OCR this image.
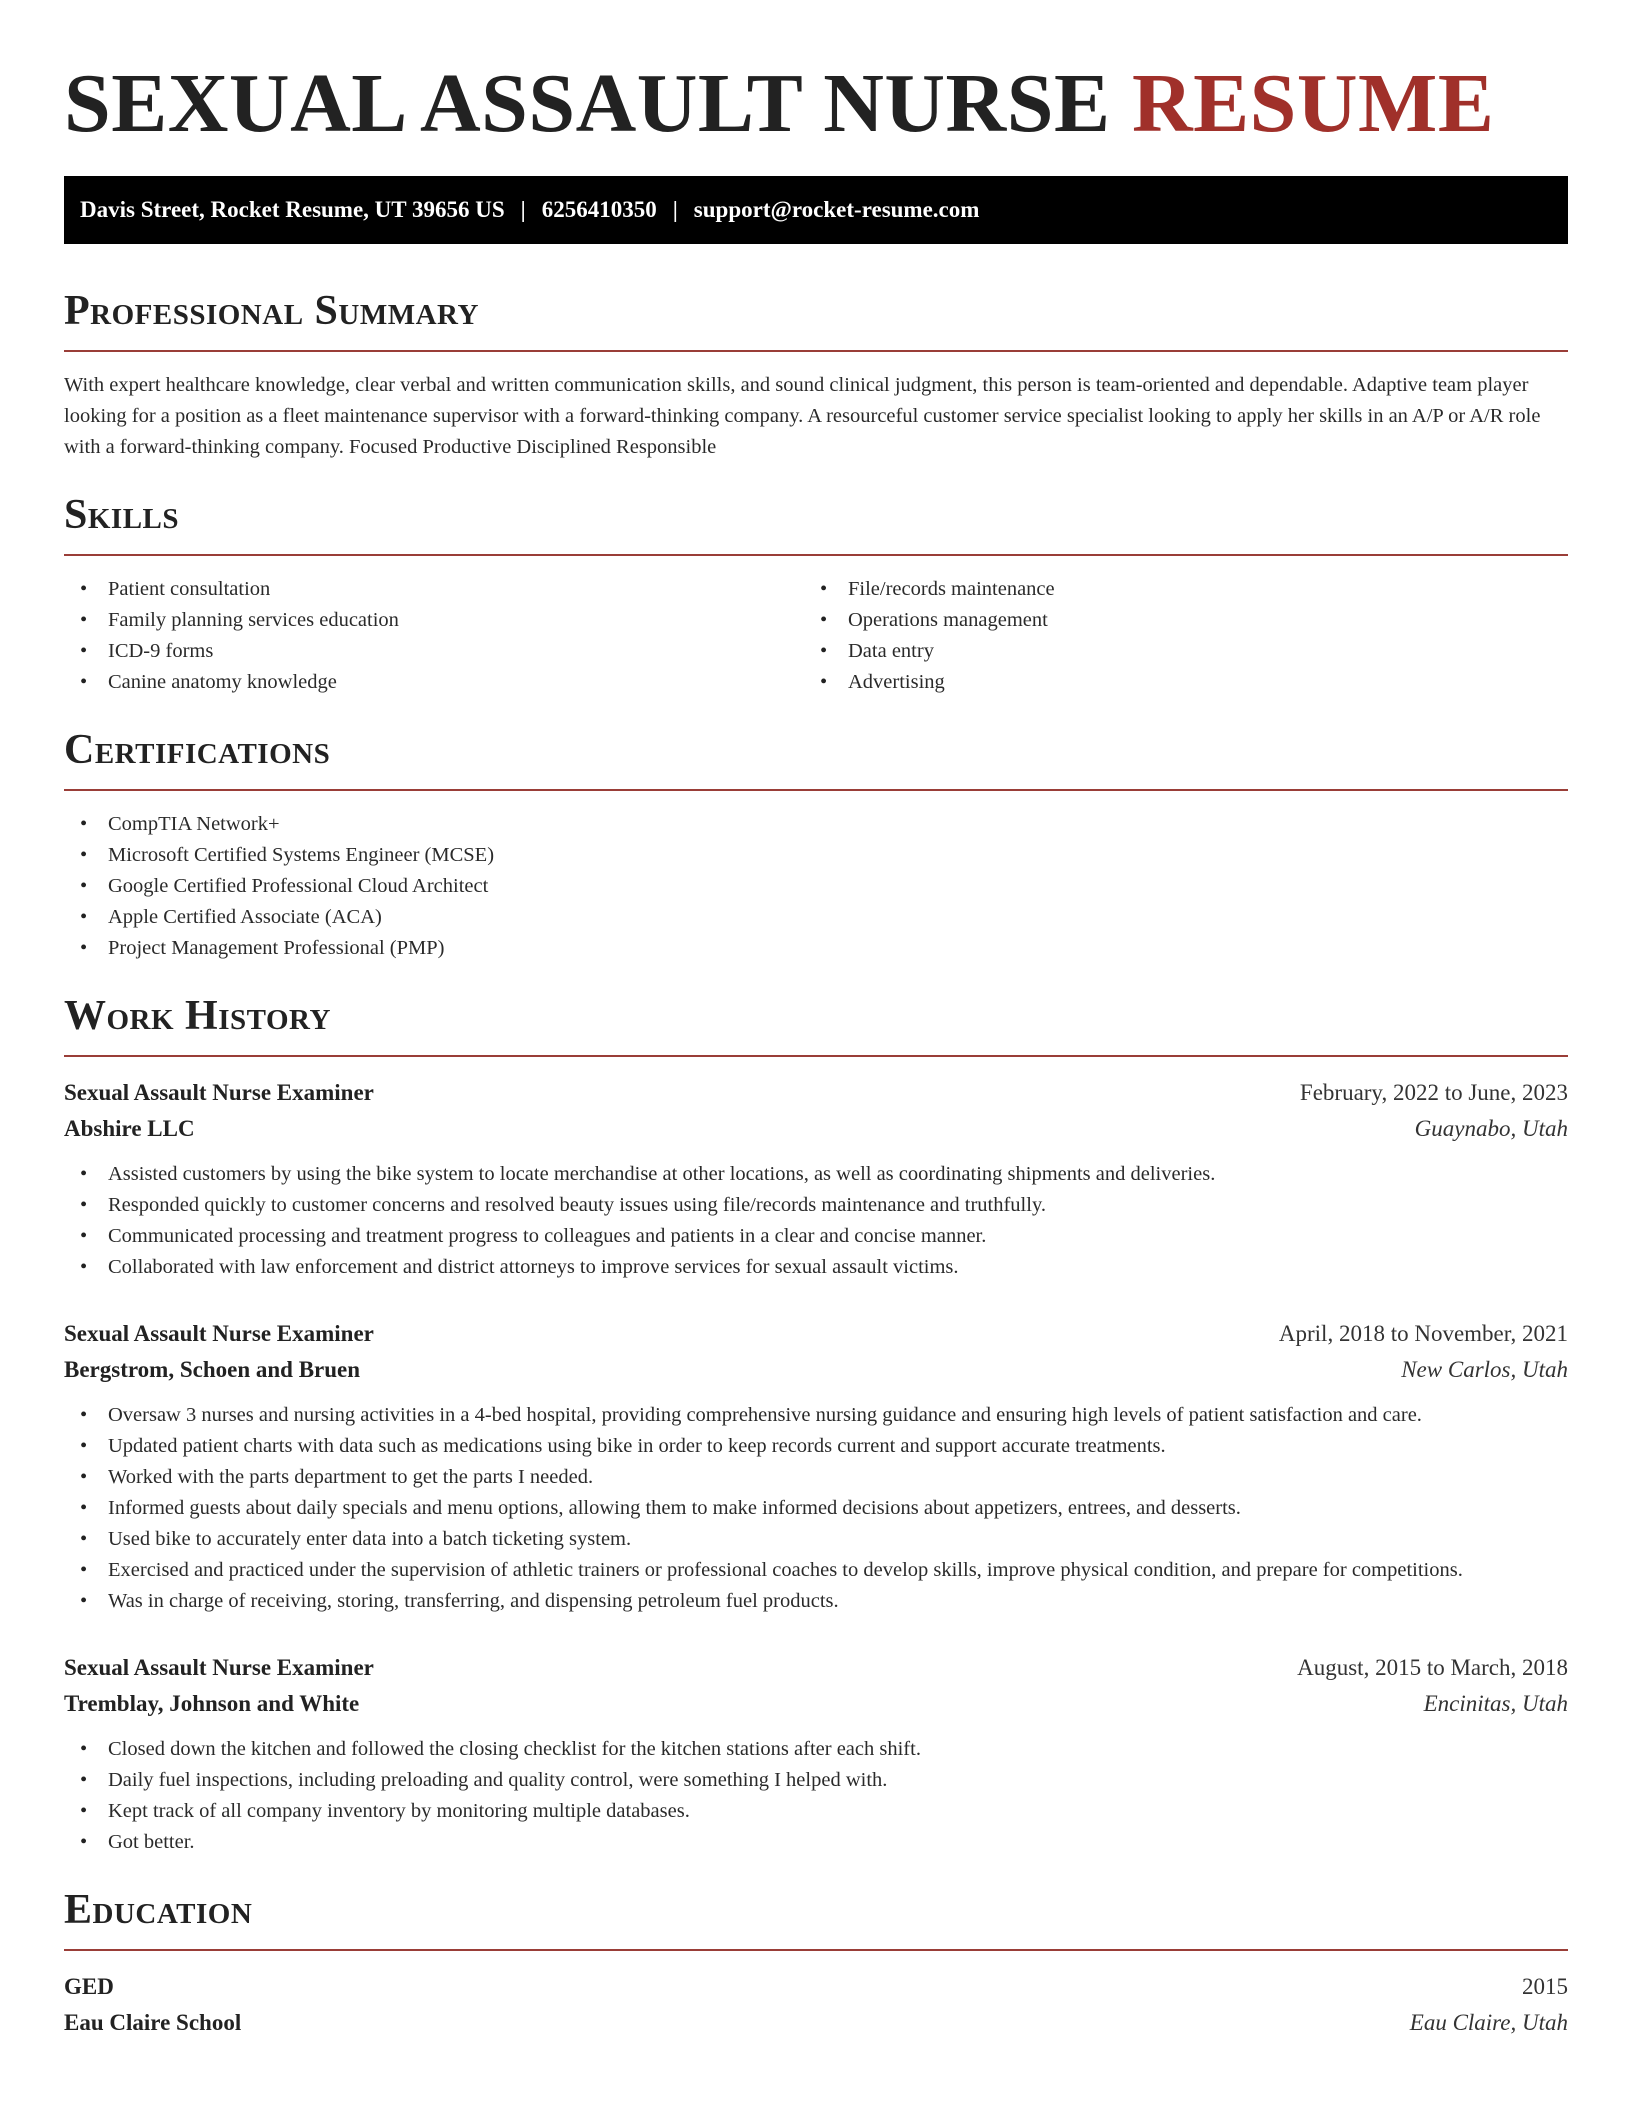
SEXUAL ASSAULT NURSE RESUME
Davis Street, Rocket Resume, UT 39656 US | 6256410350 | support@rocket-resume.com
Professional Summary

With expert healthcare knowledge, clear verbal and written communication skills, and sound clinical judgment, this person is team-oriented and dependable. Adaptive team player looking for a position as a fleet maintenance supervisor with a forward-thinking company. A resourceful customer service specialist looking to apply her skills in an A/P or A/R role with a forward-thinking company. Focused Productive Disciplined Responsible

Skills
• Patient consultation
• Family planning services education
• ICD-9 forms
• Canine anatomy knowledge
• File/records maintenance
• Operations management
• Data entry
• Advertising
Certifications
• CompTIA Network+
• Microsoft Certified Systems Engineer (MCSE)
• Google Certified Professional Cloud Architect
• Apple Certified Associate (ACA)
• Project Management Professional (PMP)
Work History
Sexual Assault Nurse Examiner	February, 2022 to June, 2023
Abshire LLC	Guaynabo, Utah
• Assisted customers by using the bike system to locate merchandise at other locations, as well as coordinating shipments and deliveries.
• Responded quickly to customer concerns and resolved beauty issues using file/records maintenance and truthfully.
• Communicated processing and treatment progress to colleagues and patients in a clear and concise manner.
• Collaborated with law enforcement and district attorneys to improve services for sexual assault victims.
Sexual Assault Nurse Examiner	April, 2018 to November, 2021
Bergstrom, Schoen and Bruen	New Carlos, Utah
• Oversaw 3 nurses and nursing activities in a 4-bed hospital, providing comprehensive nursing guidance and ensuring high levels of patient satisfaction and care.
• Updated patient charts with data such as medications using bike in order to keep records current and support accurate treatments.
• Worked with the parts department to get the parts I needed.
• Informed guests about daily specials and menu options, allowing them to make informed decisions about appetizers, entrees, and desserts.
• Used bike to accurately enter data into a batch ticketing system.
• Exercised and practiced under the supervision of athletic trainers or professional coaches to develop skills, improve physical condition, and prepare for competitions.
• Was in charge of receiving, storing, transferring, and dispensing petroleum fuel products.
Sexual Assault Nurse Examiner	August, 2015 to March, 2018
Tremblay, Johnson and White	Encinitas, Utah
• Closed down the kitchen and followed the closing checklist for the kitchen stations after each shift.
• Daily fuel inspections, including preloading and quality control, were something I helped with.
• Kept track of all company inventory by monitoring multiple databases.
• Got better.
Education
GED	2015
Eau Claire School	Eau Claire, Utah
